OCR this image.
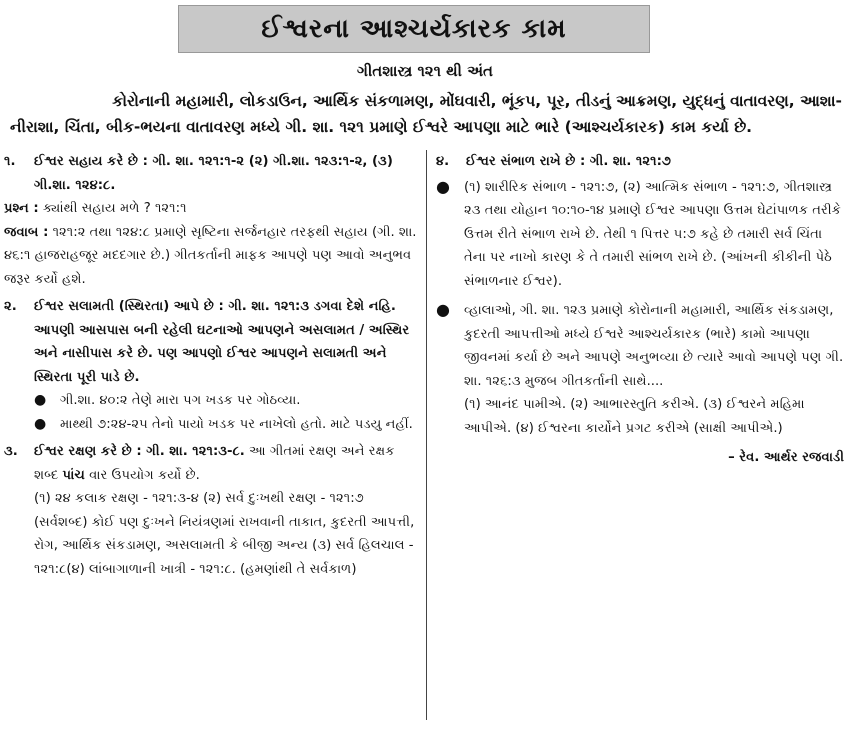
ઈશ્વરના આશ્ચર્યકારક કામ
ગીતશાસ્ત્ર ૧૨૧ થી અંત

કોરોનાની મહામારી, લોકડાઉન, આર્થિક સંકળામણ, મોંઘવારી, ભૂંકપ, પૂર, તીડનું આક્રમણ, યુદ્ધનું વાતાવરણ, આશા-

નીરાશા, ચિંતા, બીક-ભયના વાતાવરણ મધ્યે ગી. શા. ૧૨૧ પ્રમાણે ઈશ્વરે આપણા માટે ભારે (આશ્ચર્યકારક) કામ કર્યા છે.

૧.	ઈશ્વર સહાય કરે છે : ગી. શા. ૧૨૧:૧-૨ (૨) ગી.શા. ૧૨૩:૧-૨, (૩) ગી.શા. ૧૨૪:૮.

પ્રશ્ન : ક્યાંથી સહાય મળે ? ૧૨૧:૧

જવાબ : ૧૨૧:૨ તથા ૧૨૪:૮ પ્રમાણે સૃષ્ટિના સર્જનહાર તરફથી સહાય (ગી. શા. ૪૬:૧ હાજરાહજૂર મદદગાર છે.) ગીતકર્તાની માફક આપણે પણ આવો અનુભવ જરૂર કર્યો હશે.

૨.	ઈશ્વર સલામતી (સ્થિરતા) આપે છે : ગી. શા. ૧૨૧:૩ ડગવા દેશે નહિ. આપણી આસપાસ બની રહેલી ઘટનાઓ આપણને અસલામત / અસ્થિર અને નાસીપાસ કરે છે. પણ આપણો ઈશ્વર આપણને સલામતી અને સ્થિરતા પૂરી પાડે છે.
●	ગી.શા. ૪૦:૨ તેણે મારા પગ ખડક પર ગોઠવ્યા.
●	માથ્થી ૭:૨૪-૨૫ તેનો પાયો ખડક પર નાખેલો હતો. માટે પડયુ નહીં.
૩.	ઈશ્વર રક્ષણ કરે છે : ગી. શા. ૧૨૧:૩-૮. આ ગીતમાં રક્ષણ અને રક્ષક શબ્દ પાંચ વાર ઉપયોગ કર્યો છે.

(૧) ૨૪ કલાક રક્ષણ - ૧૨૧:૩-૪ (૨) સર્વ દુઃખથી રક્ષણ - ૧૨૧:૭ (સર્વશબ્દ) કોઈ પણ દુઃખને નિયંત્રણમાં રાખવાની તાકાત, કુદરતી આપત્તી, રોગ, આર્થિક સંકડામણ, અસલામતી કે બીજી અન્ય (૩) સર્વ હિલચાલ - ૧૨૧:૮(૪) લાંબાગાળાની ખાત્રી - ૧૨૧:૮. (હમણાંથી તે સર્વકાળ)

૪.	ઈશ્વર સંભાળ રાખે છે : ગી. શા. ૧૨૧:૭
●	(૧) શારીરિક સંભાળ - ૧૨૧:૭, (૨) આત્મિક સંભાળ - ૧૨૧:૭, ગીતશાસ્ત્ર ૨૩ તથા યોહાન ૧૦:૧૦-૧૪ પ્રમાણે ઈશ્વર આપણા ઉત્તમ ઘેટાંપાળક તરીકે ઉત્તમ રીતે સંભાળ રાખે છે. તેથી ૧ પિત્તર ૫:૭ કહે છે તમારી સર્વ ચિંતા તેના પર નાખો કારણ કે તે તમારી સાંભળ રાખે છે. (આંખની કીકીની પેઠે સંભાળનાર ઈશ્વર).
●	વ્હાલાઓ, ગી. શા. ૧૨૩ પ્રમાણે કોરોનાની મહામારી, આર્થિક સંકડામણ, કુદરતી આપત્તીઓ મધ્યે ઈશ્વરે આશ્ચર્યકારક (ભારે) કામો આપણા જીવનમાં કર્યા છે અને આપણે અનુભવ્યા છે ત્યારે આવો આપણે પણ ગી. શા. ૧૨૬:૩ મુજબ ગીતકર્તાની સાથે....

(૧) આનંદ પામીએ. (૨) આભારસ્તુતિ કરીએ. (૩) ઈશ્વરને મહિમા આપીએ. (૪) ઈશ્વરના કાર્યોને પ્રગટ કરીએ (સાક્ષી આપીએ.)

– રેવ. આર્થર રજવાડી
